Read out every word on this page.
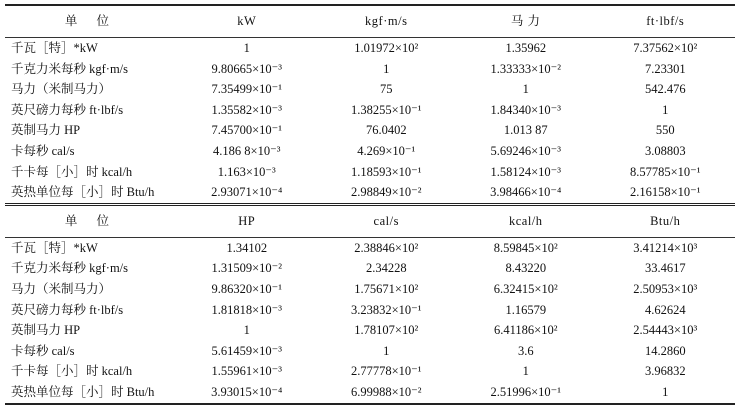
单 位	kW	kgf·m/s	马 力	ft·lbf/s
千瓦［特］*kW	1	1.01972×10²	1.35962	7.37562×10²
千克力米每秒 kgf·m/s	9.80665×10⁻³	1	1.33333×10⁻²	7.23301
马力（米制马力）	7.35499×10⁻¹	75	1	542.476
英尺磅力每秒 ft·lbf/s	1.35582×10⁻³	1.38255×10⁻¹	1.84340×10⁻³	1
英制马力 HP	7.45700×10⁻¹	76.0402	1.013 87	550
卡每秒 cal/s	4.186 8×10⁻³	4.269×10⁻¹	5.69246×10⁻³	3.08803
千卡每［小］时 kcal/h	1.163×10⁻³	1.18593×10⁻¹	1.58124×10⁻³	8.57785×10⁻¹
英热单位每［小］时 Btu/h	2.93071×10⁻⁴	2.98849×10⁻²	3.98466×10⁻⁴	2.16158×10⁻¹
单 位	HP	cal/s	kcal/h	Btu/h
千瓦［特］*kW	1.34102	2.38846×10²	8.59845×10²	3.41214×10³
千克力米每秒 kgf·m/s	1.31509×10⁻²	2.34228	8.43220	33.4617
马力（米制马力）	9.86320×10⁻¹	1.75671×10²	6.32415×10²	2.50953×10³
英尺磅力每秒 ft·lbf/s	1.81818×10⁻³	3.23832×10⁻¹	1.16579	4.62624
英制马力 HP	1	1.78107×10²	6.41186×10²	2.54443×10³
卡每秒 cal/s	5.61459×10⁻³	1	3.6	14.2860
千卡每［小］时 kcal/h	1.55961×10⁻³	2.77778×10⁻¹	1	3.96832
英热单位每［小］时 Btu/h	3.93015×10⁻⁴	6.99988×10⁻²	2.51996×10⁻¹	1
